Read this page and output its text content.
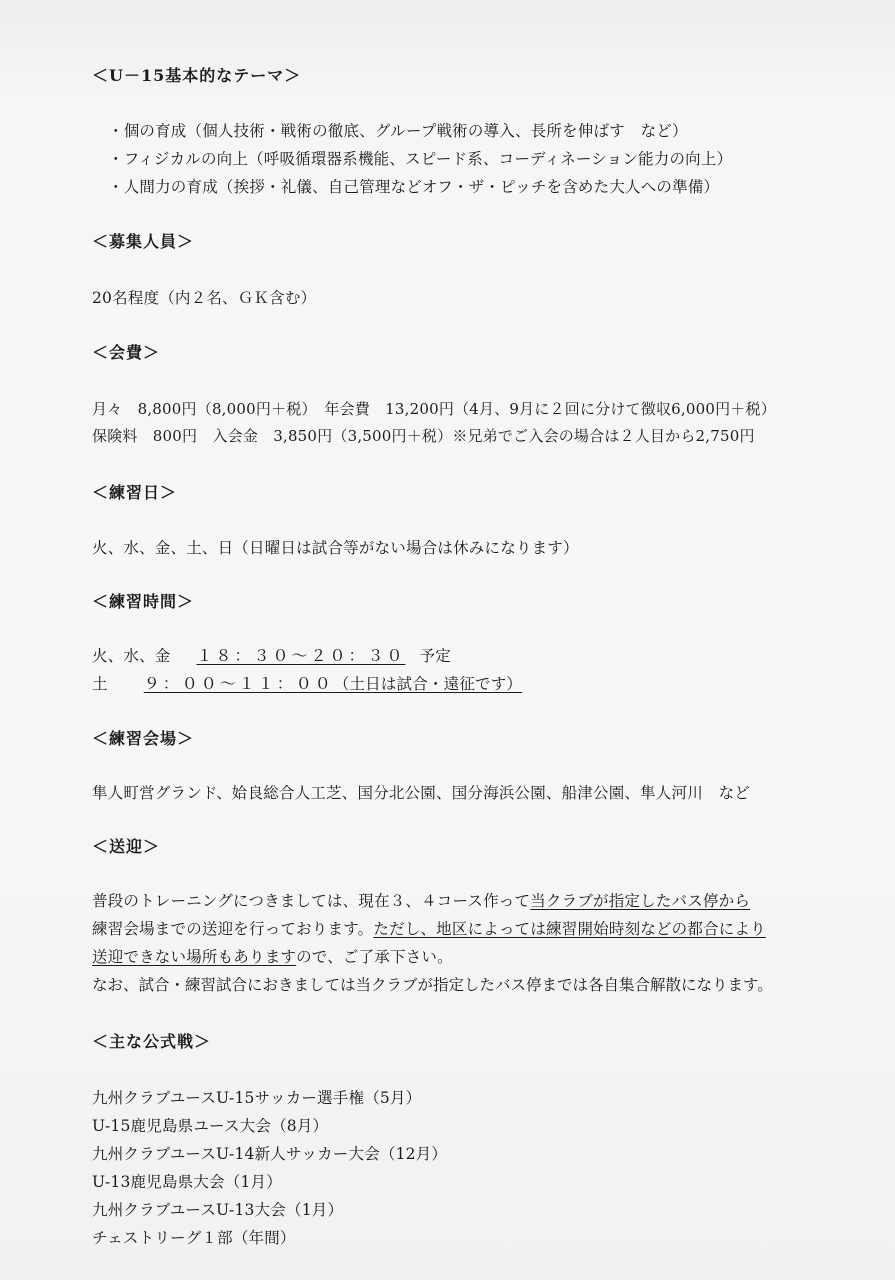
＜U－15基本的なテーマ＞
・個の育成（個人技術・戦術の徹底、グループ戦術の導入、長所を伸ばす　など）
・フィジカルの向上（呼吸循環器系機能、スピード系、コーディネーション能力の向上）
・人間力の育成（挨拶・礼儀、自己管理などオフ・ザ・ピッチを含めた大人への準備）
＜募集人員＞
20名程度（内２名、ＧＫ含む）
＜会費＞
月々　8,800円（8,000円＋税）　年会費　13,200円（4月、9月に２回に分けて徴収6,000円＋税）
保険料　800円　入会金　3,850円（3,500円＋税）※兄弟でご入会の場合は２人目から2,750円
＜練習日＞
火、水、金、土、日（日曜日は試合等がない場合は休みになります）
＜練習時間＞
火、水、金 １８：３０～２０：３０ 予定
土 ９：００～１１：００（土日は試合・遠征です）
＜練習会場＞
隼人町営グランド、姶良総合人工芝、国分北公園、国分海浜公園、船津公園、隼人河川　など
＜送迎＞
普段のトレーニングにつきましては、現在３、４コース作って当クラブが指定したバス停から
練習会場までの送迎を行っております。ただし、地区によっては練習開始時刻などの都合により
送迎できない場所もありますので、ご了承下さい。
なお、試合・練習試合におきましては当クラブが指定したバス停までは各自集合解散になります。
＜主な公式戦＞
九州クラブユースU-15サッカー選手権（5月）
U-15鹿児島県ユース大会（8月）
九州クラブユースU-14新人サッカー大会（12月）
U-13鹿児島県大会（1月）
九州クラブユースU-13大会（1月）
チェストリーグ１部（年間）
